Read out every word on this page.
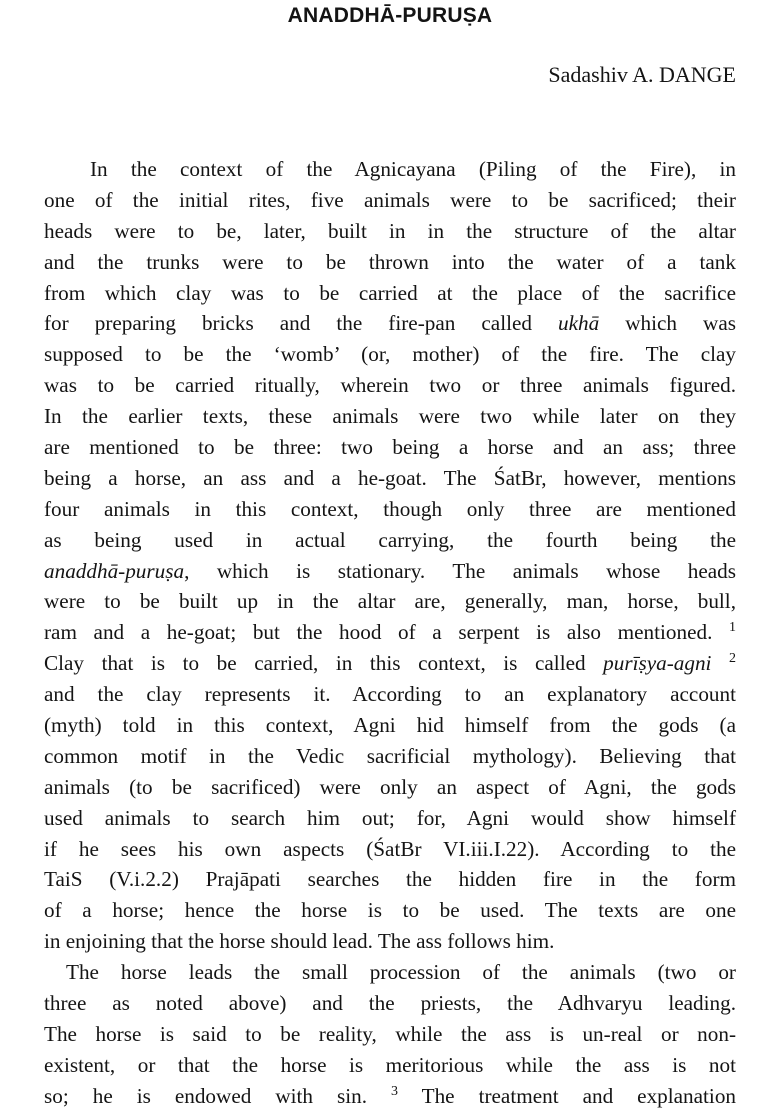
ANADDHĀ-PURUṢA

Sadashiv A. DANGE

In the context of the Agnicayana (Piling of the Fire), in
one of the initial rites, five animals were to be sacrificed; their
heads were to be, later, built in in the structure of the altar
and the trunks were to be thrown into the water of a tank
from which clay was to be carried at the place of the sacrifice
for preparing bricks and the fire-pan called ukhā which was
supposed to be the ‘womb’ (or, mother) of the fire. The clay
was to be carried ritually, wherein two or three animals figured.
In the earlier texts, these animals were two while later on they
are mentioned to be three: two being a horse and an ass; three
being a horse, an ass and a he-goat. The ŚatBr, however, mentions
four animals in this context, though only three are mentioned
as being used in actual carrying, the fourth being the
anaddhā-puruṣa, which is stationary. The animals whose heads
were to be built up in the altar are, generally, man, horse, bull,
ram and a he-goat; but the hood of a serpent is also mentioned. $^1$
Clay that is to be carried, in this context, is called purīṣya-agni $^2$
and the clay represents it. According to an explanatory account
(myth) told in this context, Agni hid himself from the gods (a
common motif in the Vedic sacrificial mythology). Believing that
animals (to be sacrificed) were only an aspect of Agni, the gods
used animals to search him out; for, Agni would show himself
if he sees his own aspects (ŚatBr VI.iii.I.22). According to the
TaiS (V.i.2.2) Prajāpati searches the hidden fire in the form
of a horse; hence the horse is to be used. The texts are one
in enjoining that the horse should lead. The ass follows him.
The horse leads the small procession of the animals (two or
three as noted above) and the priests, the Adhvaryu leading.
The horse is said to be reality, while the ass is un-real or non-
existent, or that the horse is meritorious while the ass is not
so; he is endowed with sin. $^3$ The treatment and explanation
